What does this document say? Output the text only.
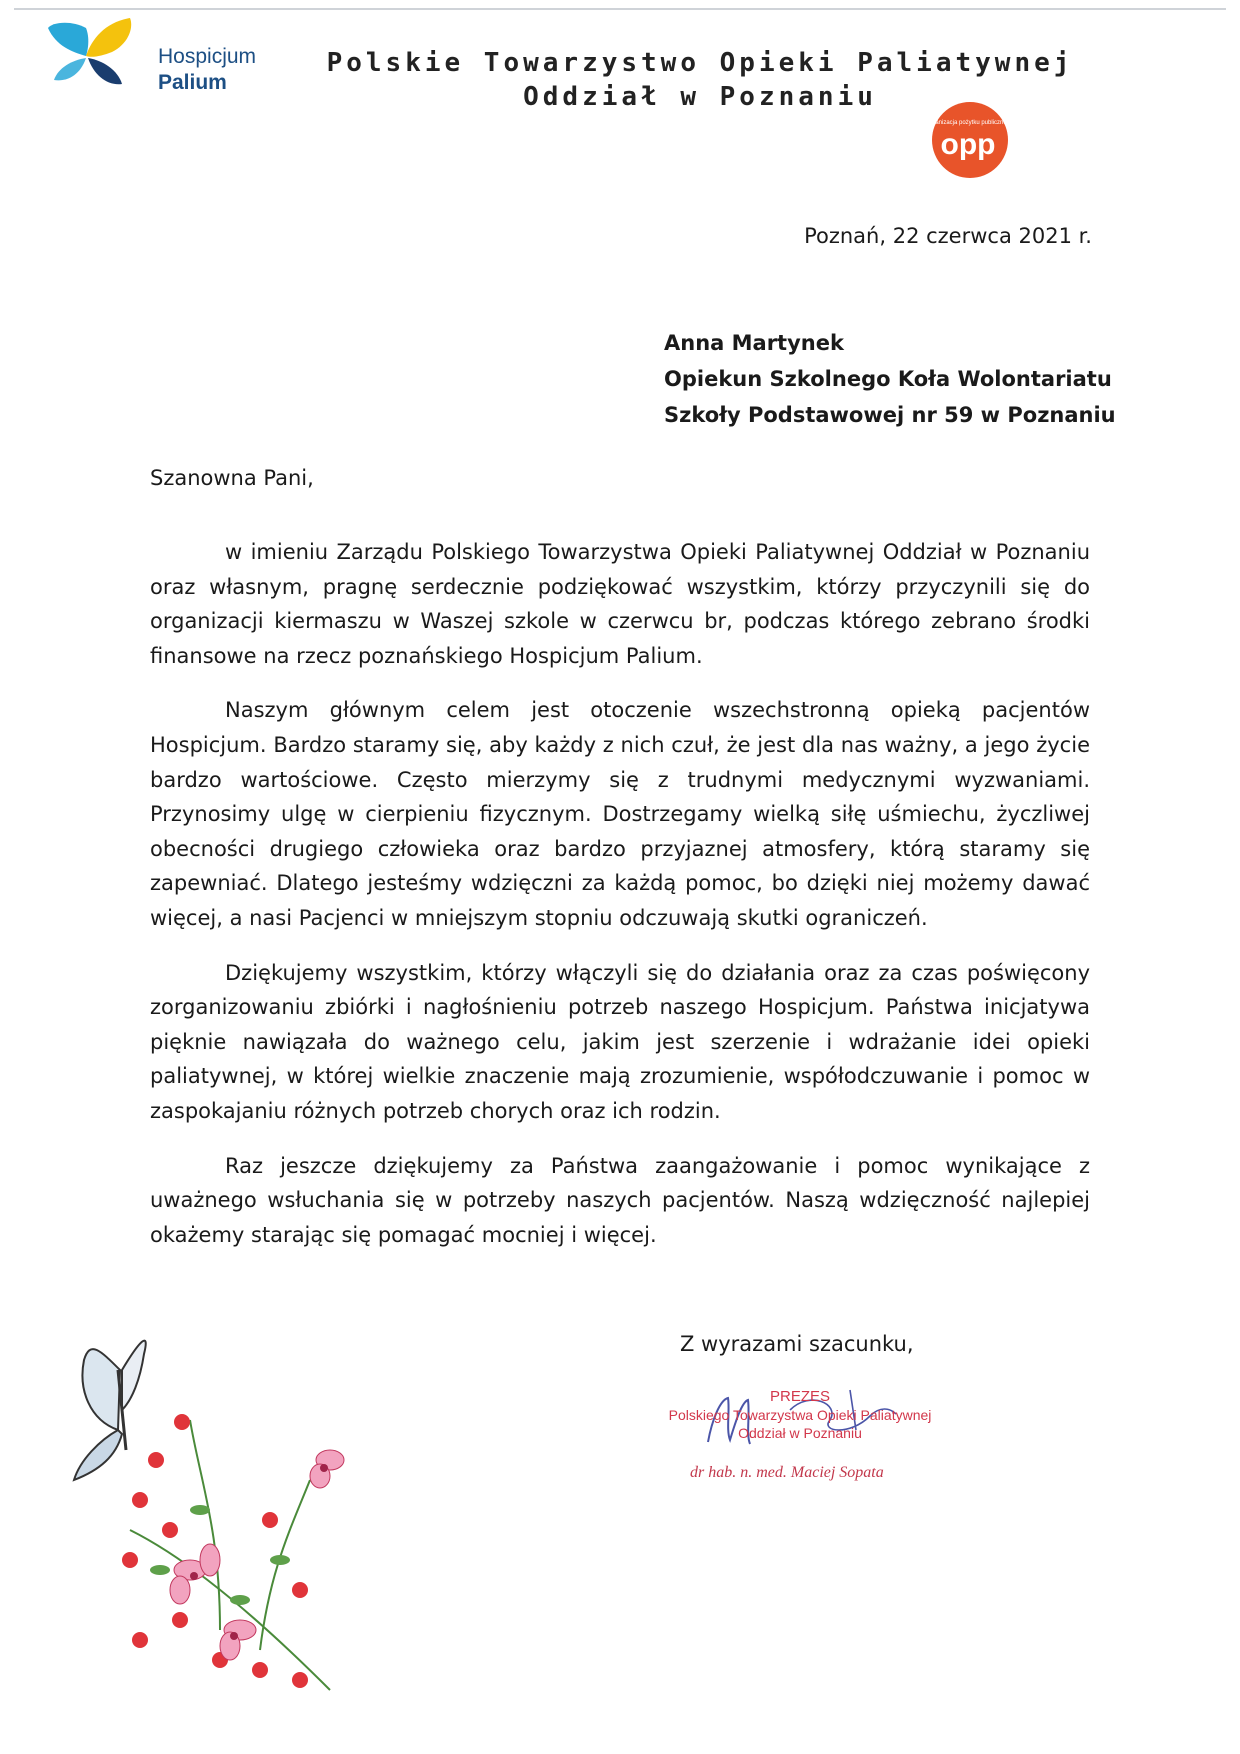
Hospicjum
Palium
Polskie Towarzystwo Opieki Paliatywnej
Oddział w Poznaniu
organizacja pożytku publicznego
opp
Poznań, 22 czerwca 2021 r.
Anna Martynek
Opiekun Szkolnego Koła Wolontariatu
Szkoły Podstawowej nr 59 w Poznaniu
Szanowna Pani,

w imieniu Zarządu Polskiego Towarzystwa Opieki Paliatywnej Oddział w Poznaniu oraz własnym, pragnę serdecznie podziękować wszystkim, którzy przyczynili się do organizacji kiermaszu w Waszej szkole w czerwcu br, podczas którego zebrano środki finansowe na rzecz poznańskiego Hospicjum Palium.

Naszym głównym celem jest otoczenie wszechstronną opieką pacjentów Hospicjum. Bardzo staramy się, aby każdy z nich czuł, że jest dla nas ważny, a jego życie bardzo wartościowe. Często mierzymy się z trudnymi medycznymi wyzwaniami. Przynosimy ulgę w cierpieniu fizycznym. Dostrzegamy wielką siłę uśmiechu, życzliwej obecności drugiego człowieka oraz bardzo przyjaznej atmosfery, którą staramy się zapewniać. Dlatego jesteśmy wdzięczni za każdą pomoc, bo dzięki niej możemy dawać więcej, a nasi Pacjenci w mniejszym stopniu odczuwają skutki ograniczeń.

Dziękujemy wszystkim, którzy włączyli się do działania oraz za czas poświęcony zorganizowaniu zbiórki i nagłośnieniu potrzeb naszego Hospicjum. Państwa inicjatywa pięknie nawiązała do ważnego celu, jakim jest szerzenie i wdrażanie idei opieki paliatywnej, w której wielkie znaczenie mają zrozumienie, współodczuwanie i pomoc w zaspokajaniu różnych potrzeb chorych oraz ich rodzin.

Raz jeszcze dziękujemy za Państwa zaangażowanie i pomoc wynikające z uważnego wsłuchania się w potrzeby naszych pacjentów. Naszą wdzięczność najlepiej okażemy starając się pomagać mocniej i więcej.

Z wyrazami szacunku,
PREZES
Polskiego Towarzystwa Opieki Paliatywnej
Oddział w Poznaniu
dr hab. n. med. Maciej Sopata
